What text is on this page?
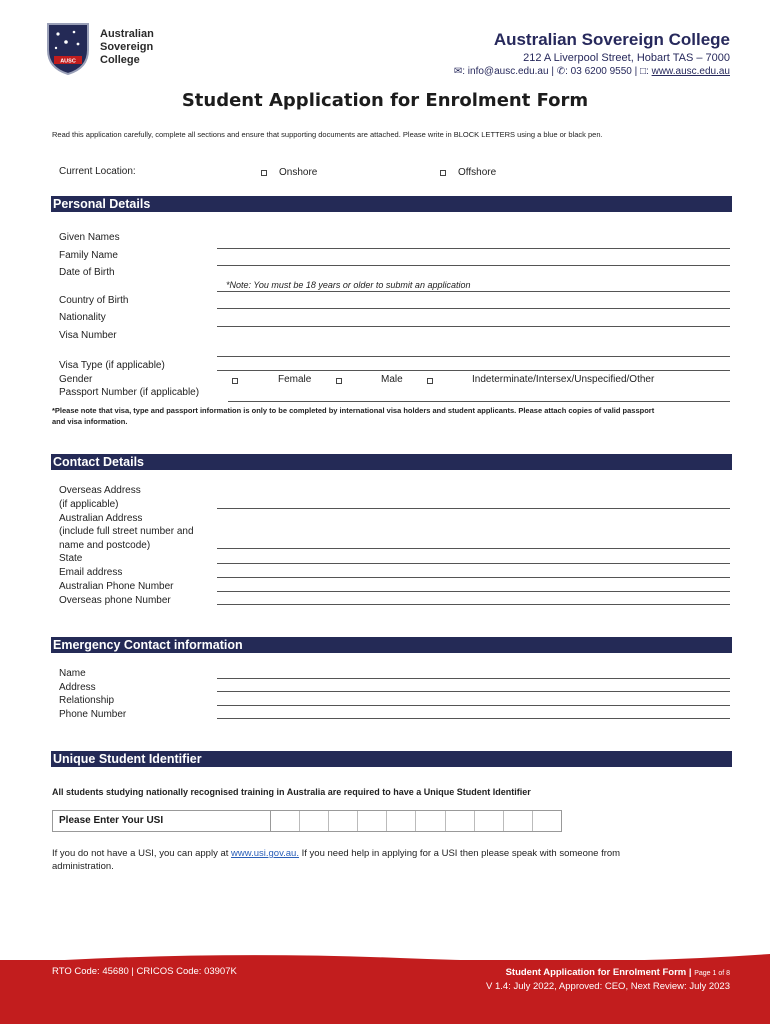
AUSC
Australian
Sovereign
College
Australian Sovereign College
212 A Liverpool Street, Hobart TAS – 7000
✉: info@ausc.edu.au | ✆: 03 6200 9550 | □: www.ausc.edu.au
Student Application for Enrolment Form
Read this application carefully, complete all sections and ensure that supporting documents are attached. Please write in BLOCK LETTERS using a blue or black pen.
Current Location:	Onshore	Offshore
Personal Details
Given Names
Family Name
Date of Birth
*Note: You must be 18 years or older to submit an application
Country of Birth
Nationality
Visa Number
Visa Type (if applicable)
Gender	Female	Male	Indeterminate/Intersex/Unspecified/Other
Passport Number (if applicable)
*Please note that visa, type and passport information is only to be completed by international visa holders and student applicants. Please attach copies of valid passport
and visa information.
Contact Details
Overseas Address
(if applicable)
Australian Address
(include full street number and
name and postcode)
State
Email address
Australian Phone Number
Overseas phone Number
Emergency Contact information
Name
Address
Relationship
Phone Number
Unique Student Identifier
All students studying nationally recognised training in Australia are required to have a Unique Student Identifier
Please Enter Your USI
If you do not have a USI, you can apply at www.usi.gov.au. If you need help in applying for a USI then please speak with someone from
administration.
RTO Code: 45680 | CRICOS Code: 03907K	Student Application for Enrolment Form | Page 1 of 8
V 1.4: July 2022, Approved: CEO, Next Review: July 2023
